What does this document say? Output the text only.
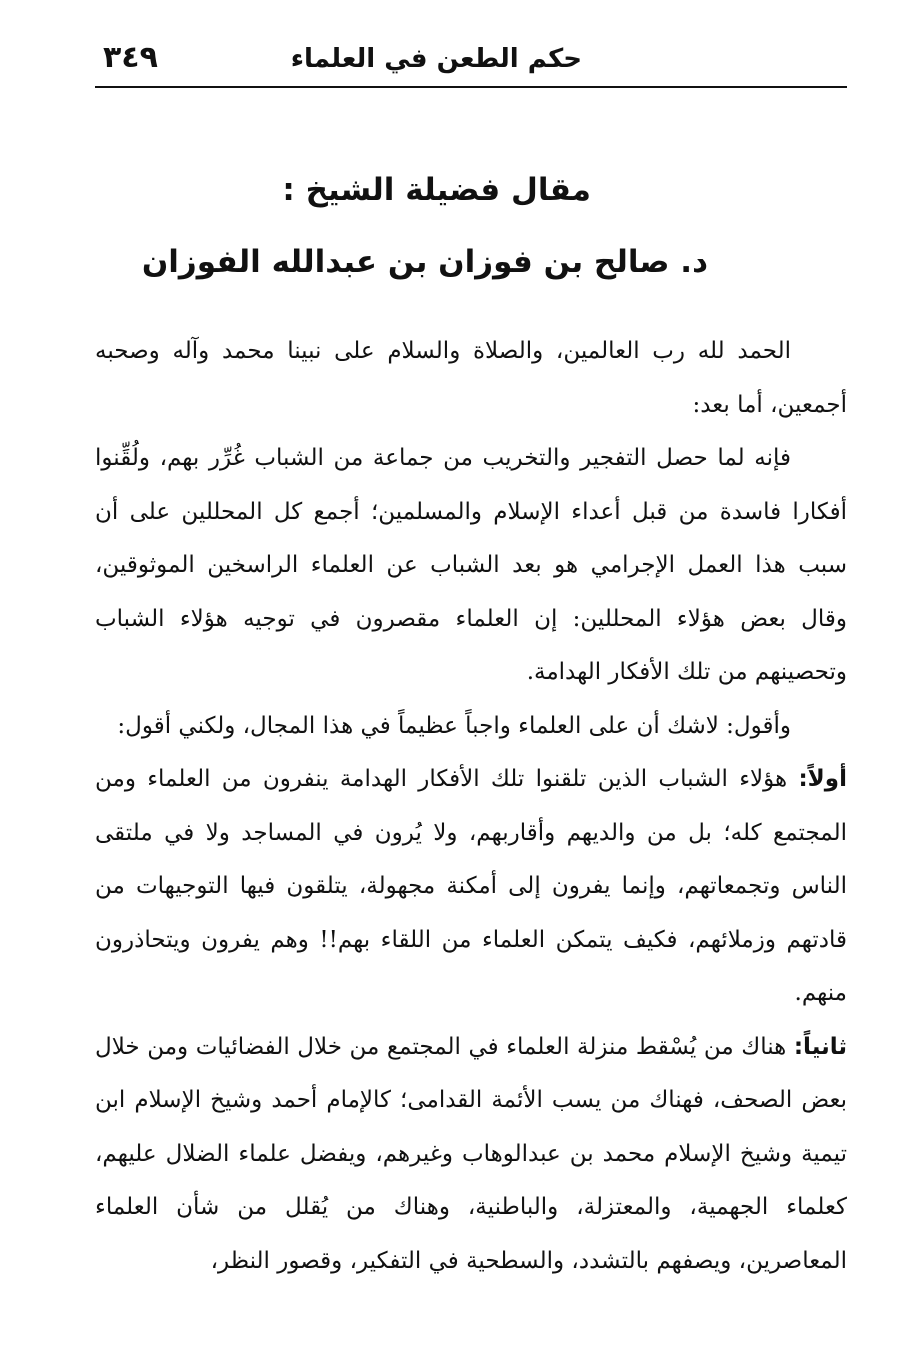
٣٤٩	حكم الطعن في العلماء
مقال فضيلة الشيخ :
د. صالح بن فوزان بن عبدالله الفوزان

الحمد لله رب العالمين، والصلاة والسلام على نبينا محمد وآله وصحبه أجمعين، أما بعد:

فإنه لما حصل التفجير والتخريب من جماعة من الشباب غُرِّر بهم، ولُقِّنوا أفكارا فاسدة من قبل أعداء الإسلام والمسلمين؛ أجمع كل المحللين على أن سبب هذا العمل الإجرامي هو بعد الشباب عن العلماء الراسخين الموثوقين، وقال بعض هؤلاء المحللين: إن العلماء مقصرون في توجيه هؤلاء الشباب وتحصينهم من تلك الأفكار الهدامة.

وأقول: لاشك أن على العلماء واجباً عظيماً في هذا المجال، ولكني أقول:

أولاً: هؤلاء الشباب الذين تلقنوا تلك الأفكار الهدامة ينفرون من العلماء ومن المجتمع كله؛ بل من والديهم وأقاربهم، ولا يُرون في المساجد ولا في ملتقى الناس وتجمعاتهم، وإنما يفرون إلى أمكنة مجهولة، يتلقون فيها التوجيهات من قادتهم وزملائهم، فكيف يتمكن العلماء من اللقاء بهم!! وهم يفرون ويتحاذرون منهم.

ثانياً: هناك من يُسْقط منزلة العلماء في المجتمع من خلال الفضائيات ومن خلال بعض الصحف، فهناك من يسب الأئمة القدامى؛ كالإمام أحمد وشيخ الإسلام ابن تيمية وشيخ الإسلام محمد بن عبدالوهاب وغيرهم، ويفضل علماء الضلال عليهم، كعلماء الجهمية، والمعتزلة، والباطنية، وهناك من يُقلل من شأن العلماء المعاصرين، ويصفهم بالتشدد، والسطحية في التفكير، وقصور النظر،
